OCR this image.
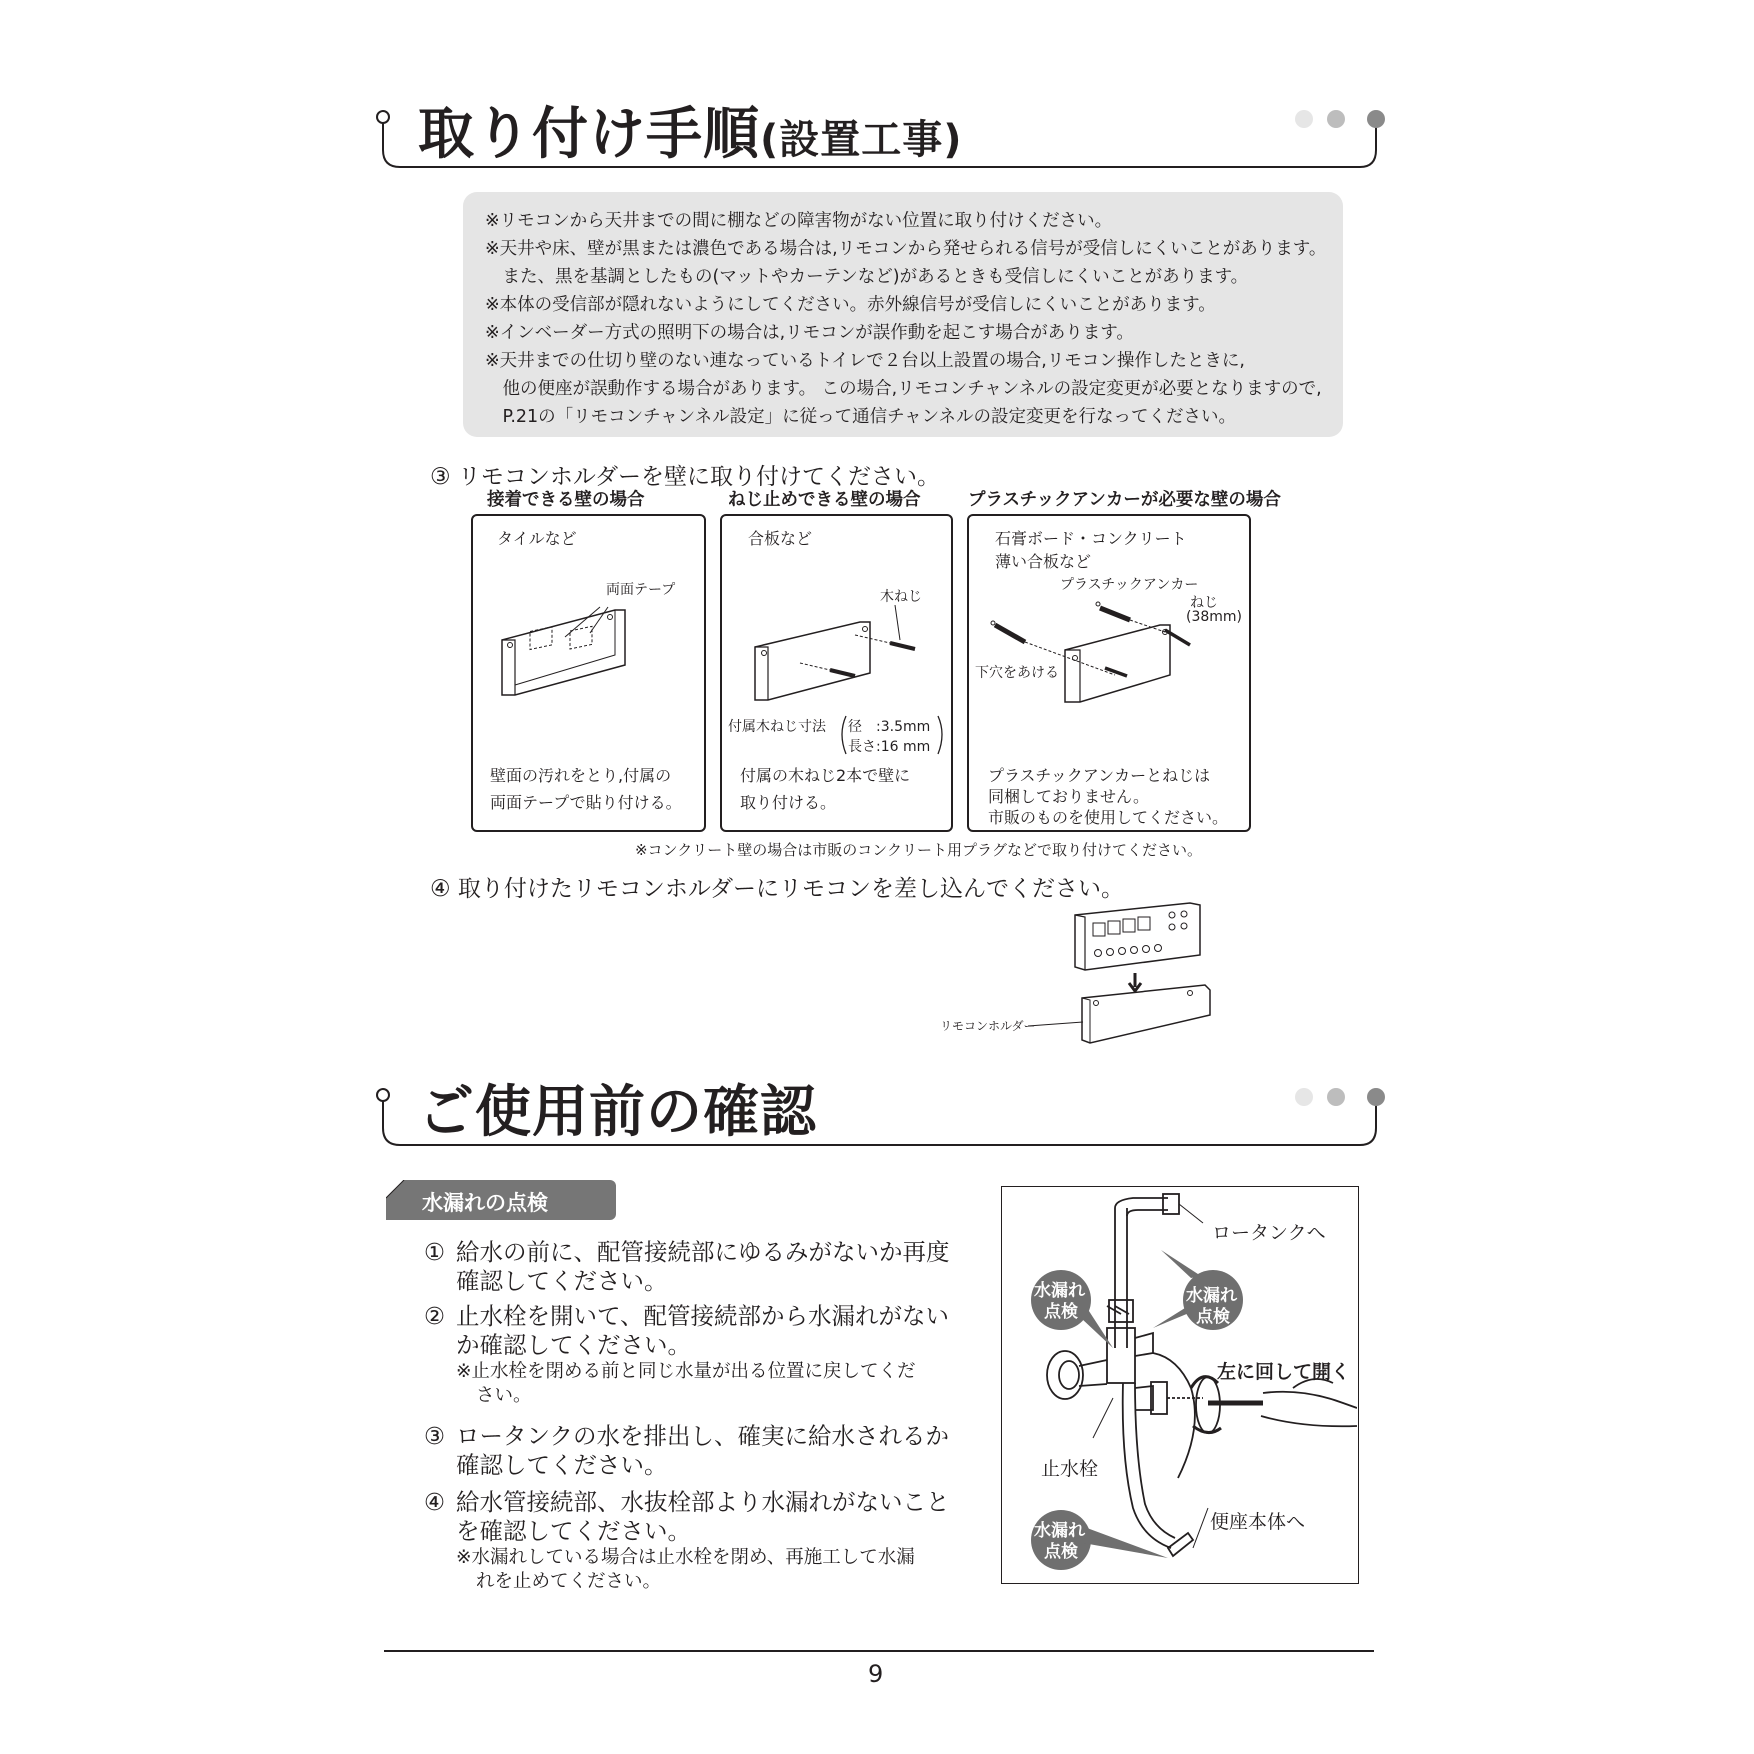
取り付け手順(設置工事)
※リモコンから天井までの間に棚などの障害物がない位置に取り付けください。
※天井や床、壁が黒または濃色である場合は,リモコンから発せられる信号が受信しにくいことがあります。
　また、黒を基調としたもの(マットやカーテンなど)があるときも受信しにくいことがあります。
※本体の受信部が隠れないようにしてください。赤外線信号が受信しにくいことがあります。
※インベーダー方式の照明下の場合は,リモコンが誤作動を起こす場合があります。
※天井までの仕切り壁のない連なっているトイレで２台以上設置の場合,リモコン操作したときに,
　他の便座が誤動作する場合があります。 この場合,リモコンチャンネルの設定変更が必要となりますので,
　P.21の「リモコンチャンネル設定」に従って通信チャンネルの設定変更を行なってください。
③ リモコンホルダーを壁に取り付けてください。
接着できる壁の場合	ねじ止めできる壁の場合	プラスチックアンカーが必要な壁の場合
タイルなど
両面テープ
壁面の汚れをとり,付属の
両面テープで貼り付ける。
合板など
木ねじ
付属木ねじ寸法 径　:3.5mm
長さ:16 mm
付属の木ねじ2本で壁に
取り付ける。
石膏ボード・コンクリート
薄い合板など
プラスチックアンカー
ねじ
(38mm)
下穴をあける
プラスチックアンカーとねじは
同梱しておりません。
市販のものを使用してください。
※コンクリート壁の場合は市販のコンクリート用プラグなどで取り付けてください。
④ 取り付けたリモコンホルダーにリモコンを差し込んでください。
リモコンホルダー
ご使用前の確認
水漏れの点検
① 給水の前に、配管接続部にゆるみがないか再度
確認してください。
② 止水栓を開いて、配管接続部から水漏れがない
か確認してください。
※止水栓を閉める前と同じ水量が出る位置に戻してくだ
さい。
③ ロータンクの水を排出し、確実に給水されるか
確認してください。
④ 給水管接続部、水抜栓部より水漏れがないこと
を確認してください。
※水漏れしている場合は止水栓を閉め、再施工して水漏
れを止めてください。
ロータンクへ
水漏れ
点検
水漏れ
点検
左に回して開く
止水栓
便座本体へ
水漏れ
点検
9
